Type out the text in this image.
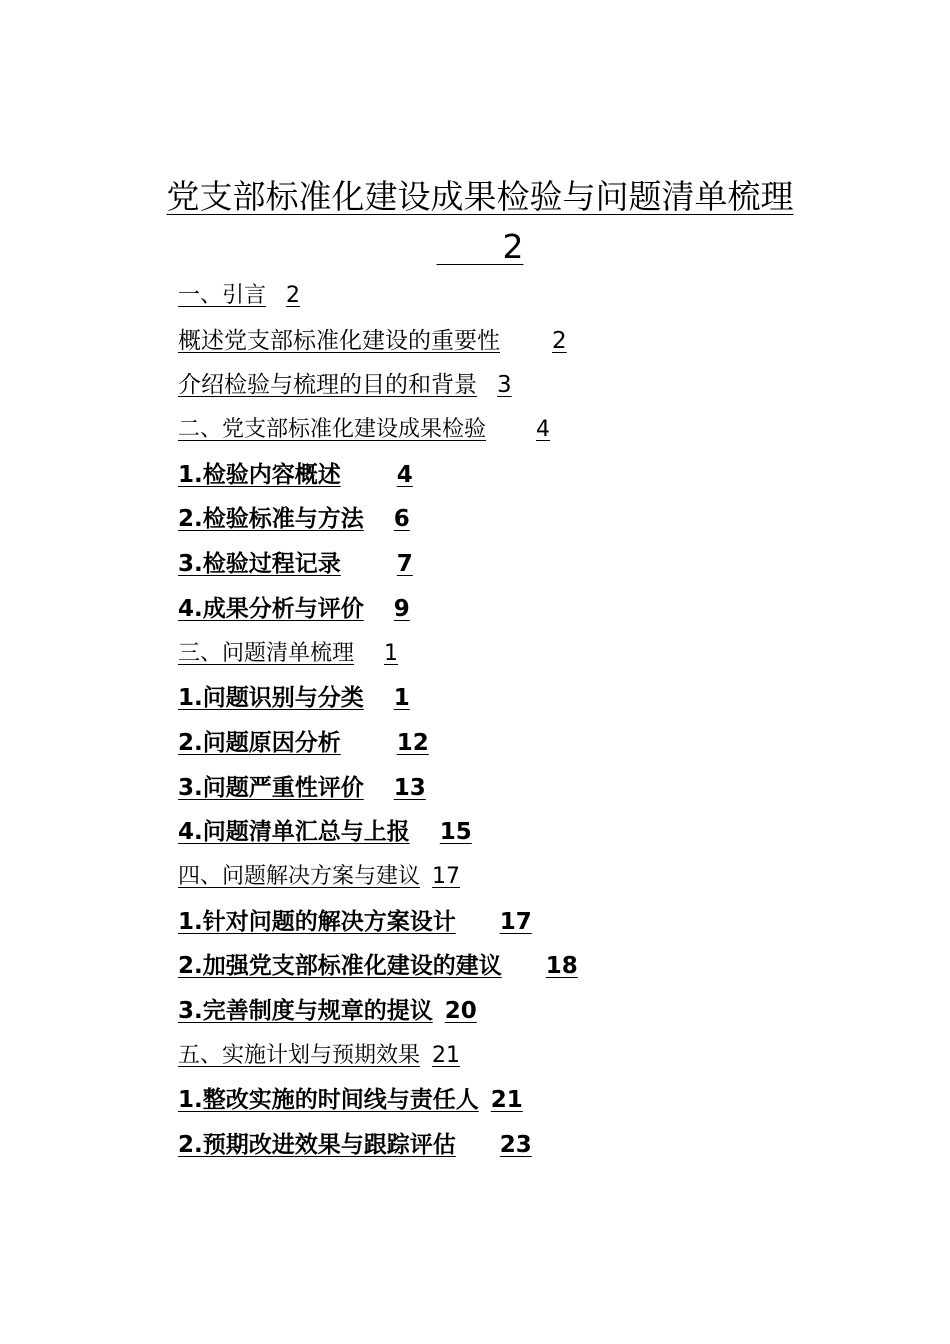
党支部标准化建设成果检验与问题清单梳理
　　2
一、引言 2
概述党支部标准化建设的重要性 2
介绍检验与梳理的目的和背景 3
二、党支部标准化建设成果检验 4
1.检验内容概述 4
2.检验标准与方法 6
3.检验过程记录 7
4.成果分析与评价 9
三、问题清单梳理 1
1.问题识别与分类 1
2.问题原因分析 12
3.问题严重性评价 13
4.问题清单汇总与上报 15
四、问题解决方案与建议 17
1.针对问题的解决方案设计 17
2.加强党支部标准化建设的建议 18
3.完善制度与规章的提议 20
五、实施计划与预期效果 21
1.整改实施的时间线与责任人 21
2.预期改进效果与跟踪评估 23
